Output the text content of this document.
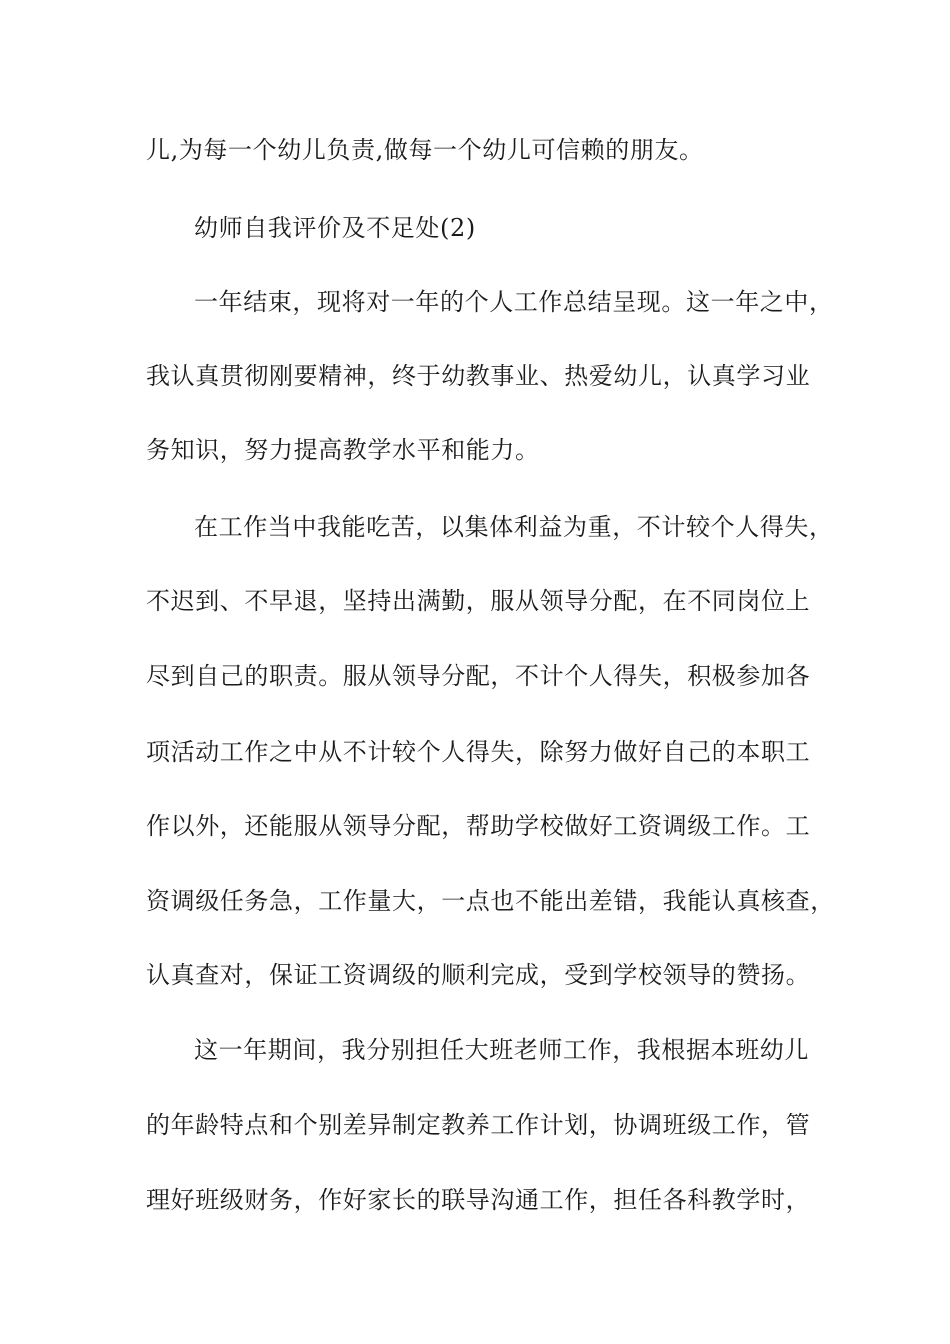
儿,为每一个幼儿负责,做每一个幼儿可信赖的朋友。

幼师自我评价及不足处(2)

一年结束，现将对一年的个人工作总结呈现。这一年之中，

我认真贯彻刚要精神，终于幼教事业、热爱幼儿，认真学习业

务知识，努力提高教学水平和能力。

在工作当中我能吃苦，以集体利益为重，不计较个人得失，

不迟到、不早退，坚持出满勤，服从领导分配，在不同岗位上

尽到自己的职责。服从领导分配，不计个人得失，积极参加各

项活动工作之中从不计较个人得失，除努力做好自己的本职工

作以外，还能服从领导分配，帮助学校做好工资调级工作。工

资调级任务急，工作量大，一点也不能出差错，我能认真核查，

认真查对，保证工资调级的顺利完成，受到学校领导的赞扬。

这一年期间，我分别担任大班老师工作，我根据本班幼儿

的年龄特点和个别差异制定教养工作计划，协调班级工作，管

理好班级财务，作好家长的联导沟通工作，担任各科教学时，
